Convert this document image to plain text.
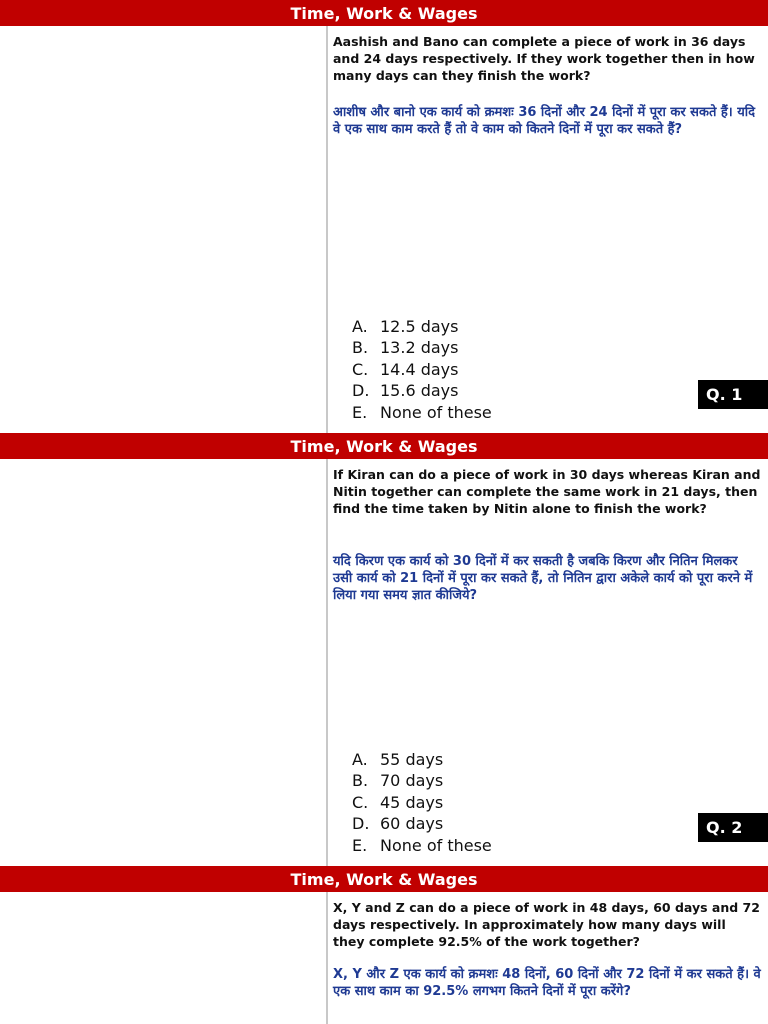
Time, Work & Wages
Aashish and Bano can complete a piece of work in 36 days and 24 days respectively. If they work together then in how many days can they finish the work?
आशीष और बानो एक कार्य को क्रमशः 36 दिनों और 24 दिनों में पूरा कर सकते हैं। यदि वे एक साथ काम करते हैं तो वे काम को कितने दिनों में पूरा कर सकते हैं?
A. 12.5 days
B. 13.2 days
C. 14.4 days
D. 15.6 days
E. None of these
Q. 1
Time, Work & Wages
If Kiran can do a piece of work in 30 days whereas Kiran and Nitin together can complete the same work in 21 days, then find the time taken by Nitin alone to finish the work?
यदि किरण एक कार्य को 30 दिनों में कर सकती है जबकि किरण और नितिन मिलकर उसी कार्य को 21 दिनों में पूरा कर सकते हैं, तो नितिन द्वारा अकेले कार्य को पूरा करने में लिया गया समय ज्ञात कीजिये?
A. 55 days
B. 70 days
C. 45 days
D. 60 days
E. None of these
Q. 2
Time, Work & Wages
X, Y and Z can do a piece of work in 48 days, 60 days and 72 days respectively. In approximately how many days will they complete 92.5% of the work together?
X, Y और Z एक कार्य को क्रमशः 48 दिनों, 60 दिनों और 72 दिनों में कर सकते हैं। वे एक साथ काम का 92.5% लगभग कितने दिनों में पूरा करेंगे?
